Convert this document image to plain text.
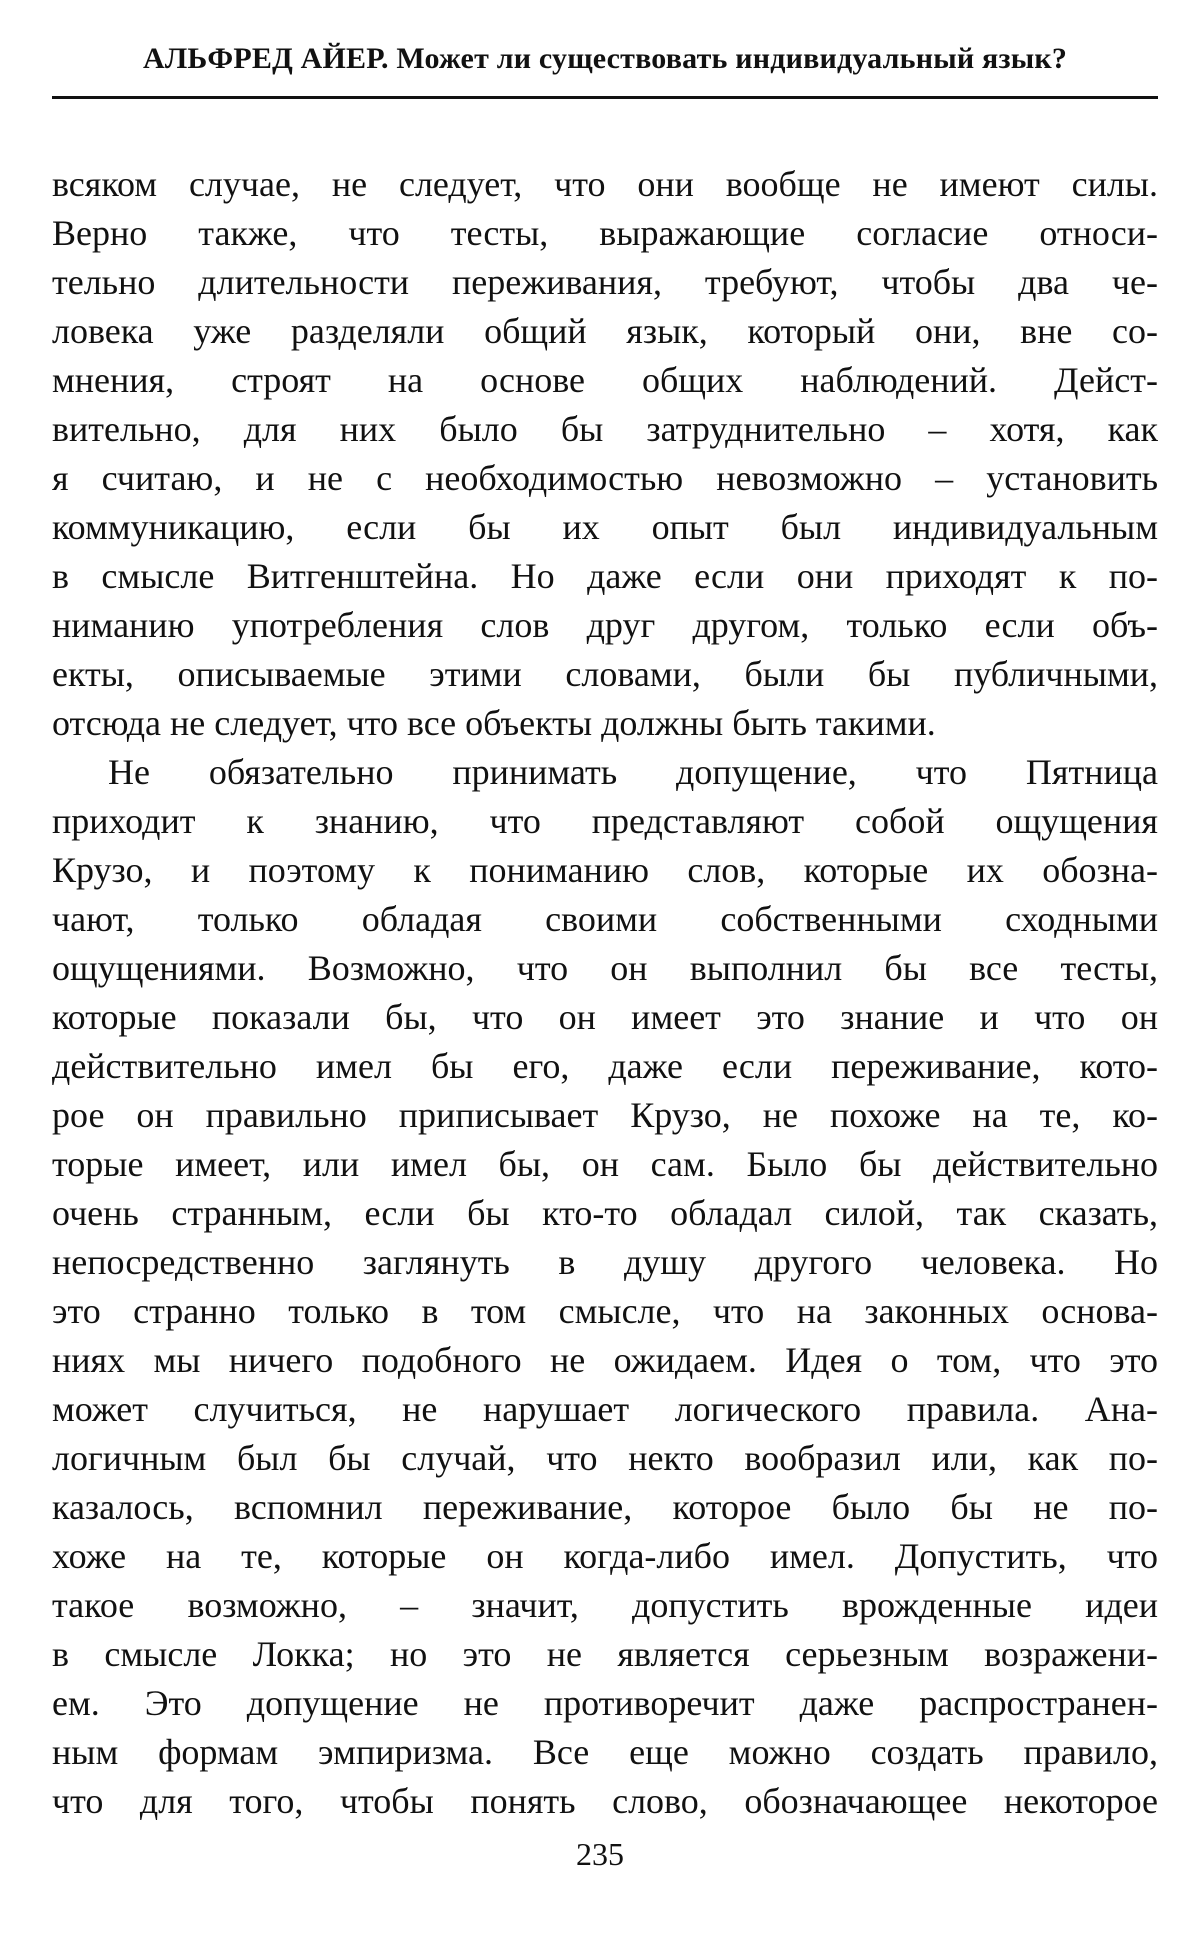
АЛЬФРЕД АЙЕР. Может ли существовать индивидуальный язык?
всяком случае, не следует, что они вообще не имеют силы.
Верно также, что тесты, выражающие согласие относи-
тельно длительности переживания, требуют, чтобы два че-
ловека уже разделяли общий язык, который они, вне со-
мнения, строят на основе общих наблюдений. Дейст-
вительно, для них было бы затруднительно – хотя, как
я считаю, и не с необходимостью невозможно – установить
коммуникацию, если бы их опыт был индивидуальным
в смысле Витгенштейна. Но даже если они приходят к по-
ниманию употребления слов друг другом, только если объ-
екты, описываемые этими словами, были бы публичными,
отсюда не следует, что все объекты должны быть такими.
Не обязательно принимать допущение, что Пятница
приходит к знанию, что представляют собой ощущения
Крузо, и поэтому к пониманию слов, которые их обозна-
чают, только обладая своими собственными сходными
ощущениями. Возможно, что он выполнил бы все тесты,
которые показали бы, что он имеет это знание и что он
действительно имел бы его, даже если переживание, кото-
рое он правильно приписывает Крузо, не похоже на те, ко-
торые имеет, или имел бы, он сам. Было бы действительно
очень странным, если бы кто-то обладал силой, так сказать,
непосредственно заглянуть в душу другого человека. Но
это странно только в том смысле, что на законных основа-
ниях мы ничего подобного не ожидаем. Идея о том, что это
может случиться, не нарушает логического правила. Ана-
логичным был бы случай, что некто вообразил или, как по-
казалось, вспомнил переживание, которое было бы не по-
хоже на те, которые он когда-либо имел. Допустить, что
такое возможно, – значит, допустить врожденные идеи
в смысле Локка; но это не является серьезным возражени-
ем. Это допущение не противоречит даже распространен-
ным формам эмпиризма. Все еще можно создать правило,
что для того, чтобы понять слово, обозначающее некоторое
235
